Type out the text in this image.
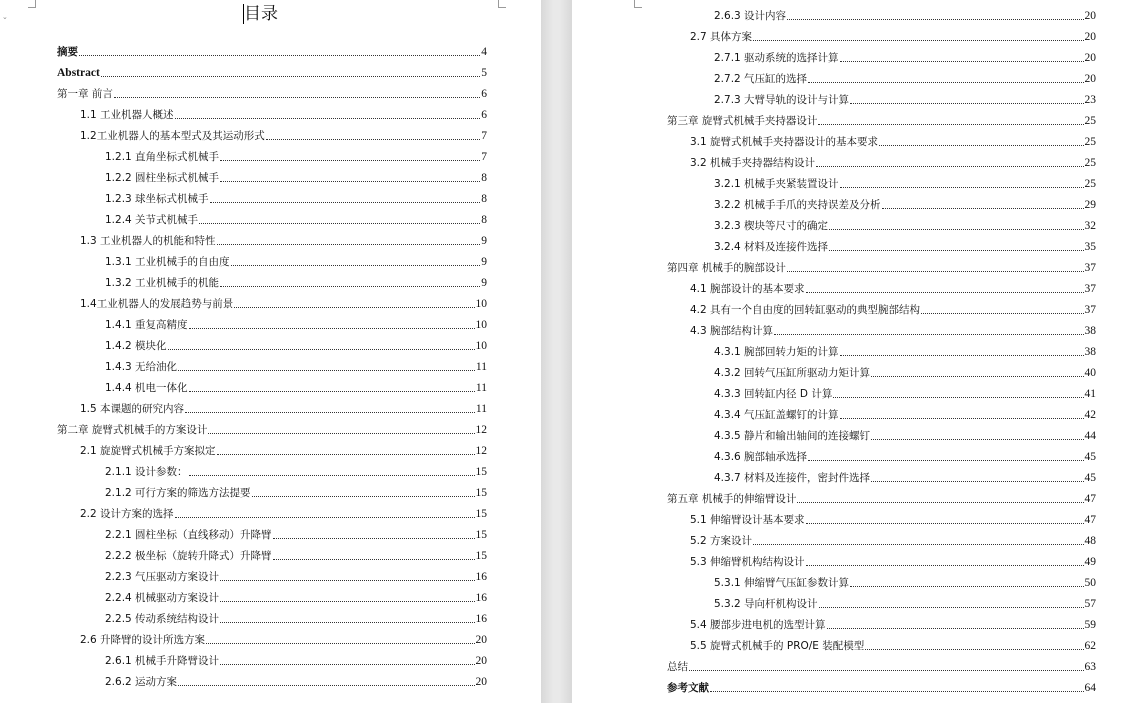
⌄	目录
摘要	4
Abstract	5
第一章 前言	6
1.1 工业机器人概述	6
1.2工业机器人的基本型式及其运动形式	7
1.2.1 直角坐标式机械手	7
1.2.2 圆柱坐标式机械手	8
1.2.3 球坐标式机械手	8
1.2.4 关节式机械手	8
1.3 工业机器人的机能和特性	9
1.3.1 工业机械手的自由度	9
1.3.2 工业机械手的机能	9
1.4工业机器人的发展趋势与前景	10
1.4.1 重复高精度	10
1.4.2 模块化	10
1.4.3 无给油化	11
1.4.4 机电一体化	11
1.5 本课题的研究内容	11
第二章 旋臂式机械手的方案设计	12
2.1 旋旋臂式机械手方案拟定	12
2.1.1 设计参数：	15
2.1.2 可行方案的筛选方法提要	15
2.2 设计方案的选择	15
2.2.1 圆柱坐标（直线移动）升降臂	15
2.2.2 极坐标（旋转升降式）升降臂	15
2.2.3 气压驱动方案设计	16
2.2.4 机械驱动方案设计	16
2.2.5 传动系统结构设计	16
2.6 升降臂的设计所选方案	20
2.6.1 机械手升降臂设计	20
2.6.2 运动方案	20
2.6.3 设计内容	20
2.7 具体方案	20
2.7.1 驱动系统的选择计算	20
2.7.2 气压缸的选择	20
2.7.3 大臂导轨的设计与计算	23
第三章 旋臂式机械手夹持器设计	25
3.1 旋臂式机械手夹持器设计的基本要求	25
3.2 机械手夹持器结构设计	25
3.2.1 机械手夹紧装置设计	25
3.2.2 机械手手爪的夹持误差及分析	29
3.2.3 楔块等尺寸的确定	32
3.2.4 材料及连接件选择	35
第四章 机械手的腕部设计	37
4.1 腕部设计的基本要求	37
4.2 具有一个自由度的回转缸驱动的典型腕部结构	37
4.3 腕部结构计算	38
4.3.1 腕部回转力矩的计算	38
4.3.2 回转气压缸所驱动力矩计算	40
4.3.3 回转缸内径 D 计算	41
4.3.4 气压缸盖螺钉的计算	42
4.3.5 静片和输出轴间的连接螺钉	44
4.3.6 腕部轴承选择	45
4.3.7 材料及连接件，密封件选择	45
第五章 机械手的伸缩臂设计	47
5.1 伸缩臂设计基本要求	47
5.2 方案设计	48
5.3 伸缩臂机构结构设计	49
5.3.1 伸缩臂气压缸参数计算	50
5.3.2 导向杆机构设计	57
5.4 腰部步进电机的选型计算	59
5.5 旋臂式机械手的 PRO/E 装配模型	62
总结	63
参考文献	64
